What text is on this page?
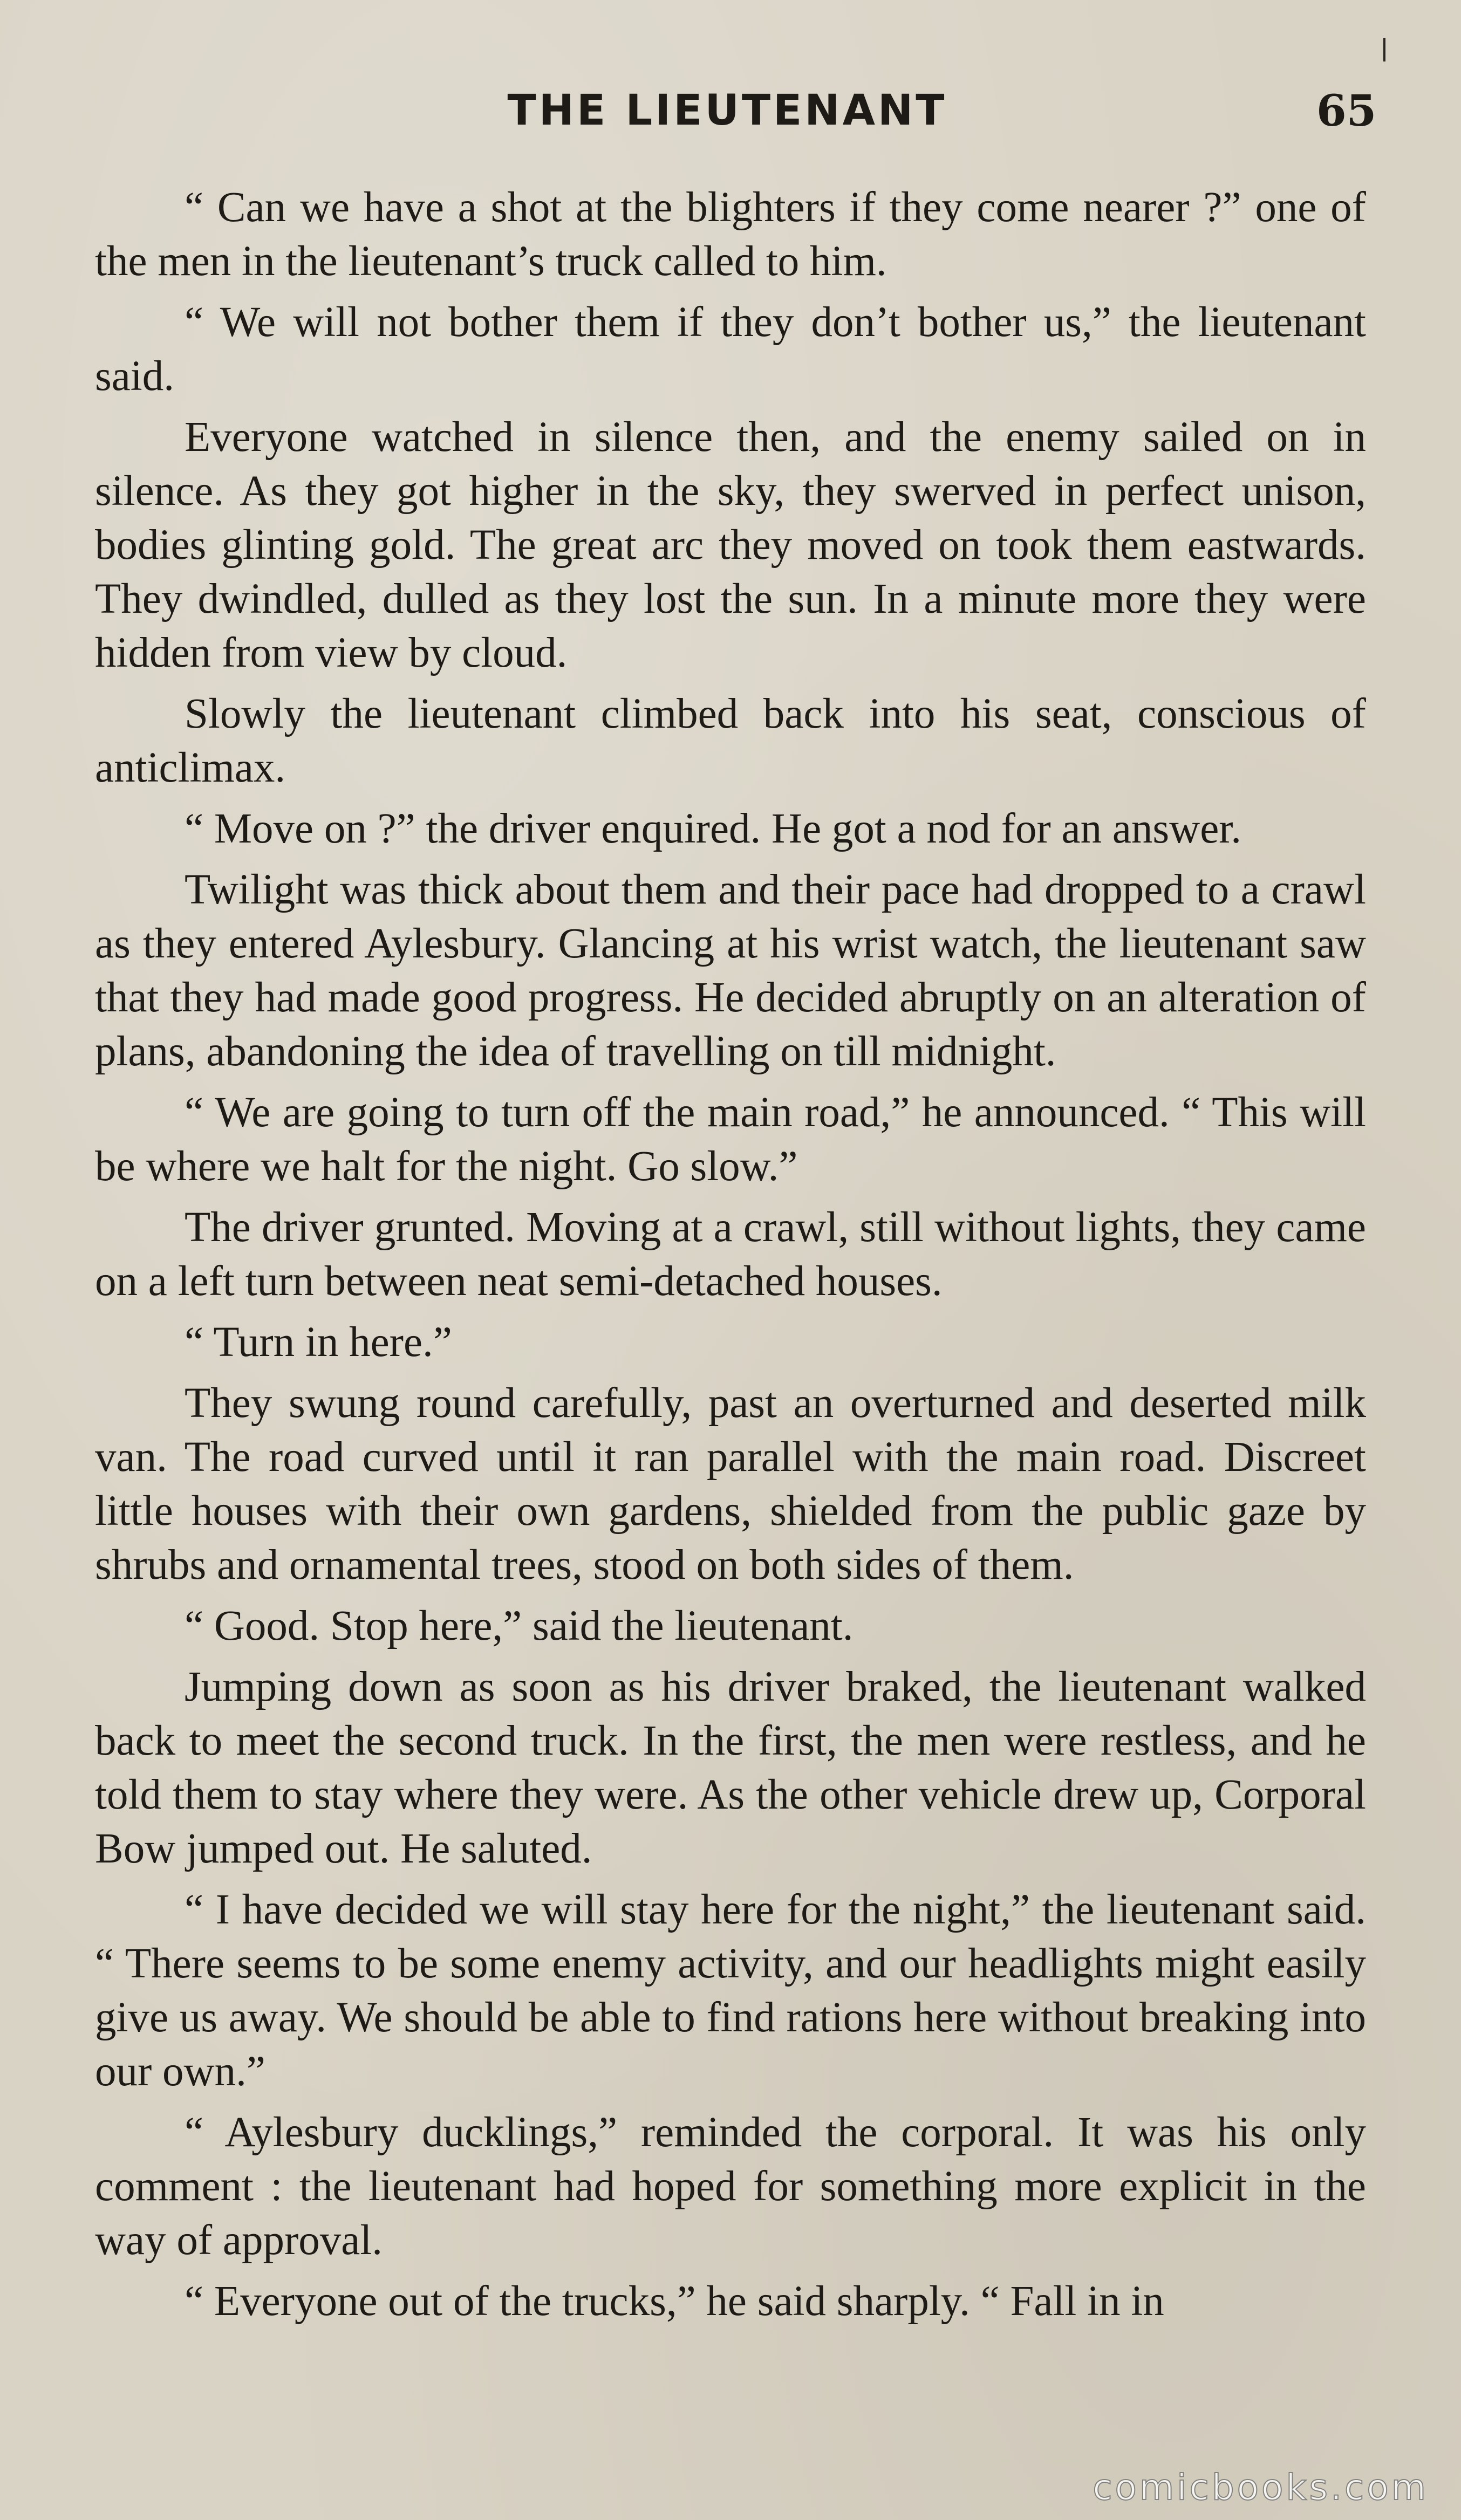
THE LIEUTENANT	65

“ Can we have a shot at the blighters if they come nearer ?” one of the men in the lieutenant’s truck called to him.

“ We will not bother them if they don’t bother us,” the lieutenant said.

Everyone watched in silence then, and the enemy sailed on in silence. As they got higher in the sky, they swerved in perfect unison, bodies glinting gold. The great arc they moved on took them eastwards. They dwindled, dulled as they lost the sun. In a minute more they were hidden from view by cloud.

Slowly the lieutenant climbed back into his seat, conscious of anticlimax.

“ Move on ?” the driver enquired. He got a nod for an answer.

Twilight was thick about them and their pace had dropped to a crawl as they entered Aylesbury. Glancing at his wrist watch, the lieutenant saw that they had made good progress. He decided abruptly on an alteration of plans, abandoning the idea of travelling on till midnight.

“ We are going to turn off the main road,” he announced. “ This will be where we halt for the night. Go slow.”

The driver grunted. Moving at a crawl, still without lights, they came on a left turn between neat semi-detached houses.

“ Turn in here.”

They swung round carefully, past an overturned and deserted milk van. The road curved until it ran parallel with the main road. Discreet little houses with their own gardens, shielded from the public gaze by shrubs and ornamental trees, stood on both sides of them.

“ Good. Stop here,” said the lieutenant.

Jumping down as soon as his driver braked, the lieutenant walked back to meet the second truck. In the first, the men were restless, and he told them to stay where they were. As the other vehicle drew up, Corporal Bow jumped out. He saluted.

“ I have decided we will stay here for the night,” the lieutenant said. “ There seems to be some enemy activity, and our headlights might easily give us away. We should be able to find rations here without breaking into our own.”

“ Aylesbury ducklings,” reminded the corporal. It was his only comment : the lieutenant had hoped for something more explicit in the way of approval.

“ Everyone out of the trucks,” he said sharply. “ Fall in in

comicbooks.com
